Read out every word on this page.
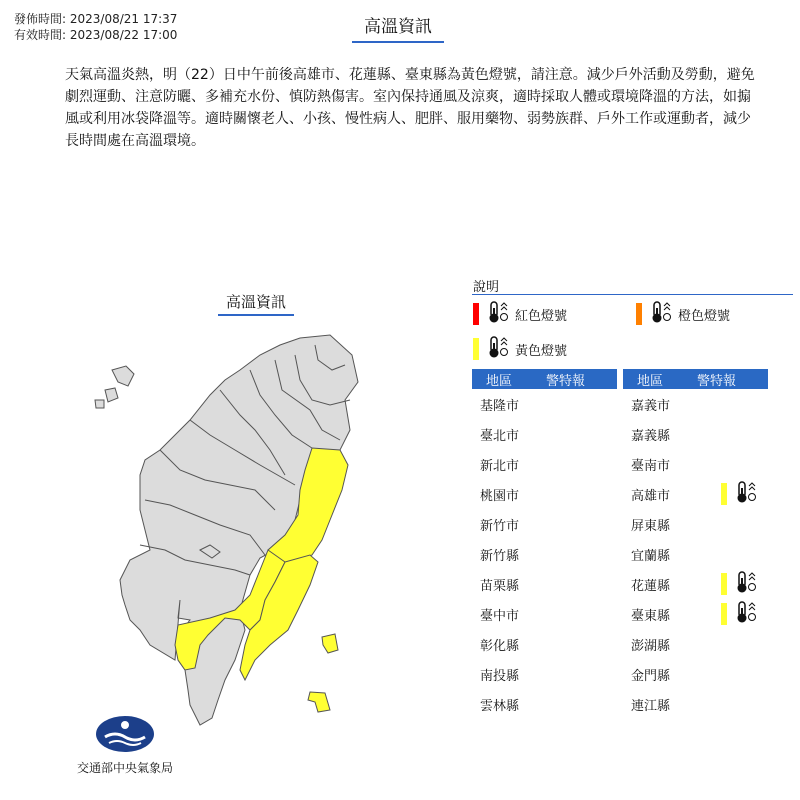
發佈時間: 2023/08/21 17:37
有效時間: 2023/08/22 17:00	高溫資訊
天氣高溫炎熱，明（22）日中午前後高雄市、花蓮縣、臺東縣為黃色燈號，請注意。減少戶外活動及勞動，避免劇烈運動、注意防曬、多補充水份、慎防熱傷害。室內保持通風及涼爽，適時採取人體或環境降溫的方法，如搧風或利用冰袋降溫等。適時關懷老人、小孩、慢性病人、肥胖、服用藥物、弱勢族群、戶外工作或運動者，減少長時間處在高溫環境。
高溫資訊
交通部中央氣象局
說明
紅色燈號	橙色燈號
黃色燈號
地區	警特報
基隆市
臺北市
新北市
桃園市
新竹市
新竹縣
苗栗縣
臺中市
彰化縣
南投縣
雲林縣
地區	警特報
嘉義市
嘉義縣
臺南市
高雄市
屏東縣
宜蘭縣
花蓮縣
臺東縣
澎湖縣
金門縣
連江縣
